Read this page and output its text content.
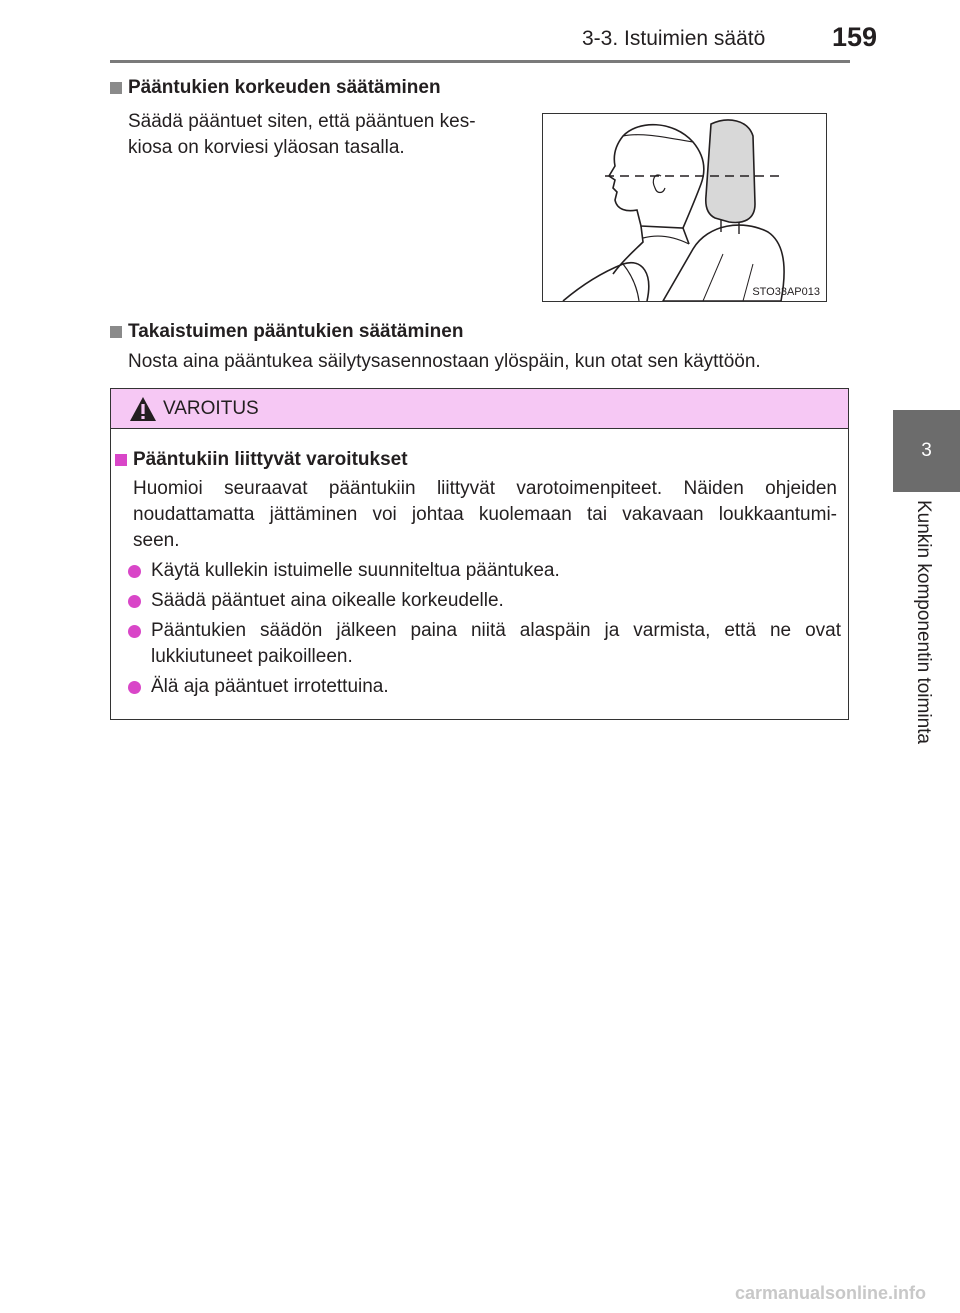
3-3. Istuimien säätö 159
3
Kunkin komponentin toiminta
Pääntukien korkeuden säätäminen
Säädä pääntuet siten, että pääntuen kes-
kiosa on korviesi yläosan tasalla.
STO33AP013
Takaistuimen pääntukien säätäminen
Nosta aina pääntukea säilytysasennostaan ylöspäin, kun otat sen käyttöön.
VAROITUS
Pääntukiin liittyvät varoitukset
Huomioi seuraavat pääntukiin liittyvät varotoimenpiteet. Näiden ohjeiden
noudattamatta jättäminen voi johtaa kuolemaan tai vakavaan loukkaantumi-
seen.
Käytä kullekin istuimelle suunniteltua pääntukea.
Säädä pääntuet aina oikealle korkeudelle.
Pääntukien säädön jälkeen paina niitä alaspäin ja varmista, että ne ovat
lukkiutuneet paikoilleen.
Älä aja pääntuet irrotettuina.
carmanualsonline.info
